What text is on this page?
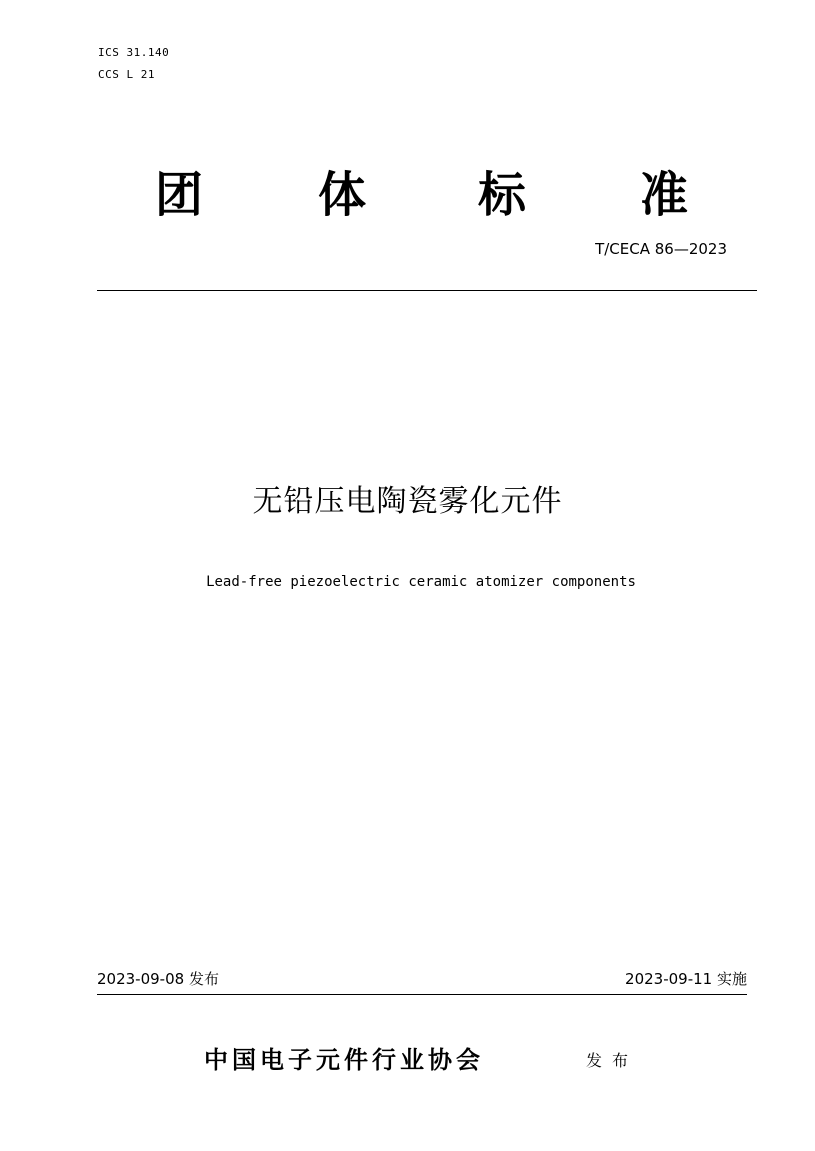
ICS 31.140
CCS L 21
团 体 标 准
T/CECA 86—2023
无铅压电陶瓷雾化元件
Lead-free piezoelectric ceramic atomizer components
2023-09-08 发布	2023-09-11 实施
中国电子元件行业协会	发布
